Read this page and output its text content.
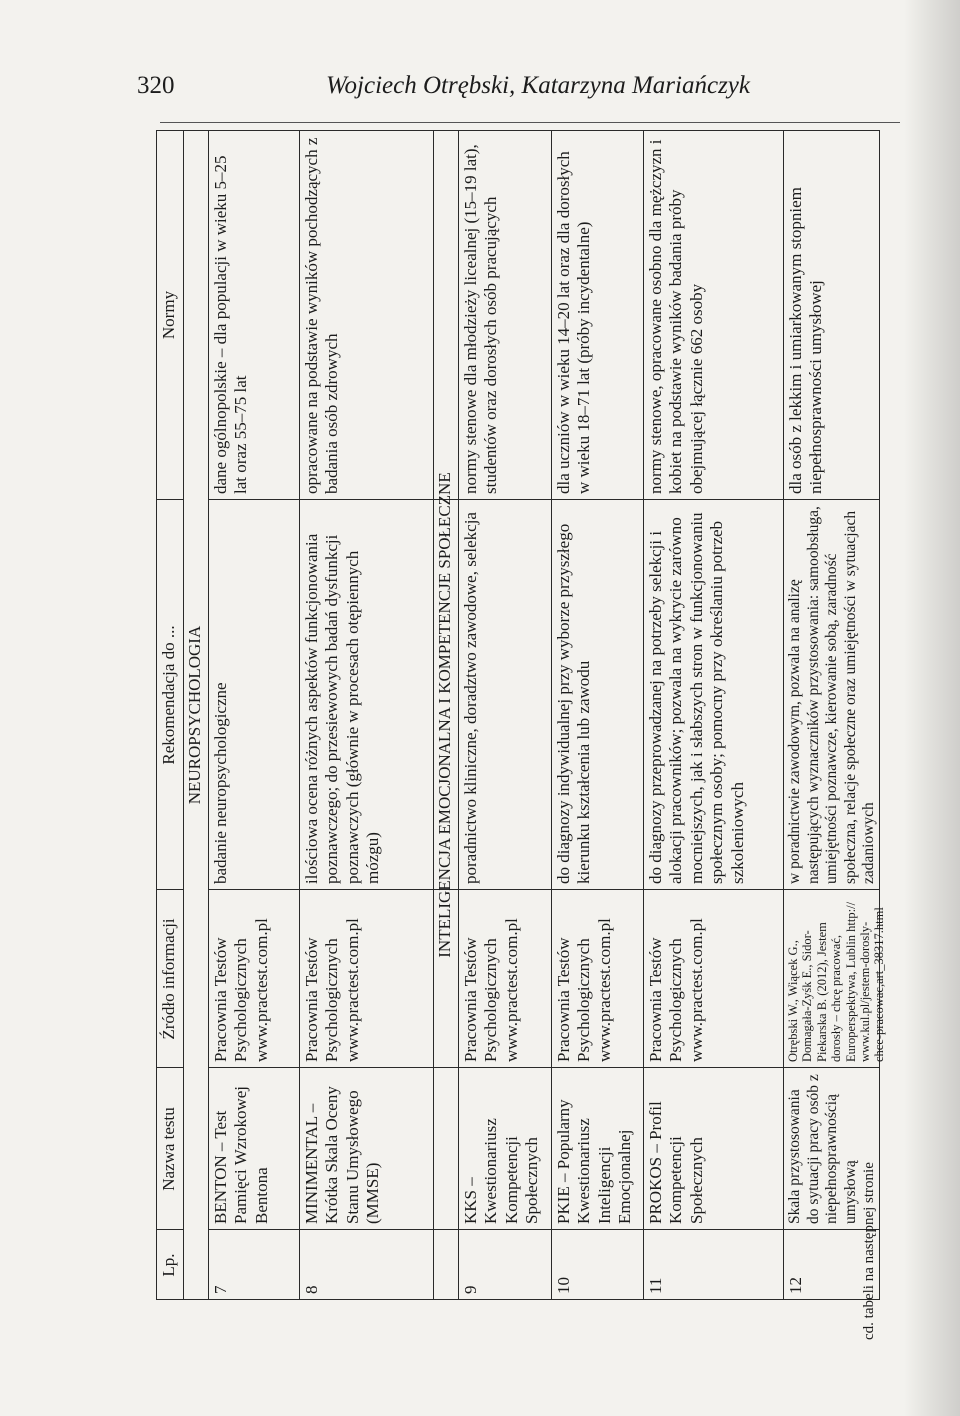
320	Wojciech Otrębski, Katarzyna Mariańczyk
Lp.
Nazwa testu
Źródło informacji
Rekomendacja do ...
Normy
NEUROPSYCHOLOGIA
7
BENTON – Test Pamięci Wzrokowej Bentona
Pracownia Testów Psychologicznych www.practest.com.pl
badanie neuropsychologiczne
dane ogólnopolskie – dla populacji w wieku 5–25 lat oraz 55–75 lat
8
MINIMENTAL – Krótka Skala Oceny Stanu Umysłowego (MMSE)
Pracownia Testów Psychologicznych www.practest.com.pl
ilościowa ocena różnych aspektów funkcjonowania poznawczego; do przesiewowych badań dysfunkcji poznawczych (głównie w procesach otępiennych mózgu)
opracowane na podstawie wyników pochodzących z badania osób zdrowych
INTELIGENCJA EMOCJONALNA I KOMPETENCJE SPOŁECZNE
9
KKS – Kwestionariusz Kompetencji Społecznych
Pracownia Testów Psychologicznych www.practest.com.pl
poradnictwo kliniczne, doradztwo zawodowe, selekcja
normy stenowe dla młodzieży licealnej (15–19 lat), studentów oraz dorosłych osób pracujących
10
PKIE – Popularny Kwestionariusz Inteligencji Emocjonalnej
Pracownia Testów Psychologicznych www.practest.com.pl
do diagnozy indywidualnej przy wyborze przyszłego kierunku kształcenia lub zawodu
dla uczniów w wieku 14–20 lat oraz dla dorosłych w wieku 18–71 lat (próby incydentalne)
11
PROKOS – Profil Kompetencji Społecznych
Pracownia Testów Psychologicznych www.practest.com.pl
do diagnozy przeprowadzanej na potrzeby selekcji i alokacji pracowników; pozwala na wykrycie zarówno mocniejszych, jak i słabszych stron w funkcjonowaniu społecznym osoby; pomocny przy określaniu potrzeb szkoleniowych
normy stenowe, opracowane osobno dla mężczyzn i kobiet na podstawie wyników badania próby obejmującej łącznie 662 osoby
12
Skala przystosowania do sytuacji pracy osób z niepełnosprawnością umysłową
Otrębski W., Wiącek G., Domagała-Zyśk E., Sidor-Piekarska B. (2012), Jestem dorosły – chcę pracować, Europerspektywa, Lublin http:// www.kul.pl/jestem-dorosly-chce-pracowac,art_38317.html
w poradnictwie zawodowym, pozwala na analizę następujących wyznaczników przystosowania: samoobsługa, umiejętności poznawcze, kierowanie sobą, zaradność społeczna, relacje społeczne oraz umiejętności w sytuacjach zadaniowych
dla osób z lekkim i umiarkowanym stopniem niepełnosprawności umysłowej
cd. tabeli na następnej stronie
